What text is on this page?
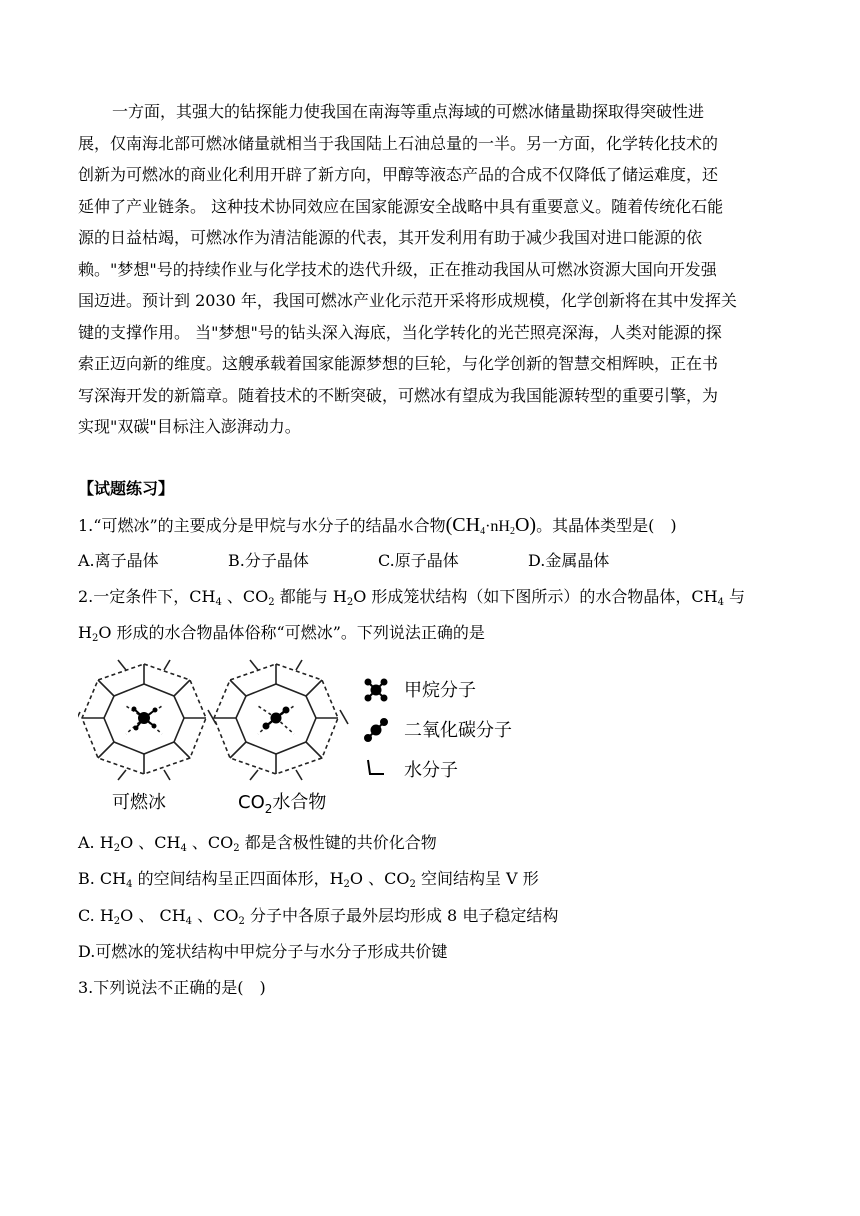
一方面，其强大的钻探能力使我国在南海等重点海域的可燃冰储量勘探取得突破性进
展，仅南海北部可燃冰储量就相当于我国陆上石油总量的一半。另一方面，化学转化技术的
创新为可燃冰的商业化利用开辟了新方向，甲醇等液态产品的合成不仅降低了储运难度，还
延伸了产业链条。 这种技术协同效应在国家能源安全战略中具有重要意义。随着传统化石能
源的日益枯竭，可燃冰作为清洁能源的代表，其开发利用有助于减少我国对进口能源的依
赖。"梦想"号的持续作业与化学技术的迭代升级，正在推动我国从可燃冰资源大国向开发强
国迈进。预计到 2030 年，我国可燃冰产业化示范开采将形成规模，化学创新将在其中发挥关
键的支撑作用。 当"梦想"号的钻头深入海底，当化学转化的光芒照亮深海，人类对能源的探
索正迈向新的维度。这艘承载着国家能源梦想的巨轮，与化学创新的智慧交相辉映，正在书
写深海开发的新篇章。随着技术的不断突破，可燃冰有望成为我国能源转型的重要引擎，为
实现"双碳"目标注入澎湃动力。
【试题练习】
1.“可燃冰”的主要成分是甲烷与水分子的结晶水合物$(CH_4\cdot nH_2O)$。其晶体类型是(　)
A.离子晶体	B.分子晶体	C.原子晶体	D.金属晶体
2.一定条件下，$CH_4$ 、$CO_2$ 都能与 $H_2O$ 形成笼状结构（如下图所示）的水合物晶体，$CH_4$ 与
$H_2O$ 形成的水合物晶体俗称“可燃冰”。下列说法正确的是
可燃冰	$CO_2$水合物
甲烷分子
二氧化碳分子
水分子
A. $H_2O$ 、$CH_4$ 、$CO_2$ 都是含极性键的共价化合物
B. $CH_4$ 的空间结构呈正四面体形，$H_2O$ 、$CO_2$ 空间结构呈 V 形
C. $H_2O$ 、 $CH_4$ 、$CO_2$ 分子中各原子最外层均形成 8 电子稳定结构
D.可燃冰的笼状结构中甲烷分子与水分子形成共价键
3.下列说法不正确的是(　)
